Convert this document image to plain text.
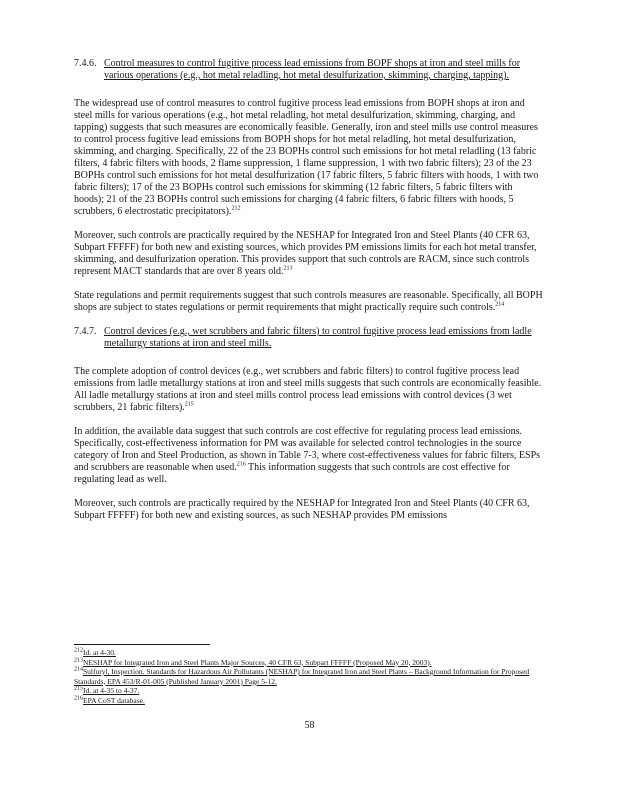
7.4.6. Control measures to control fugitive process lead emissions from BOPF shops at iron and steel mills for various operations (e.g., hot metal reladling, hot metal desulfurization, skimming, charging, tapping).

The widespread use of control measures to control fugitive process lead emissions from BOPH shops at iron and steel mills for various operations (e.g., hot metal reladling, hot metal desulfurization, skimming, charging, and tapping) suggests that such measures are economically feasible. Generally, iron and steel mills use control measures to control process fugitive lead emissions from BOPH shops for hot metal reladling, hot metal desulfurization, skimming, and charging. Specifically, 22 of the 23 BOPHs control such emissions for hot metal reladling (13 fabric filters, 4 fabric filters with hoods, 2 flame suppression, 1 flame suppression, 1 with two fabric filters); 23 of the 23 BOPHs control such emissions for hot metal desulfurization (17 fabric filters, 5 fabric filters with hoods, 1 with two fabric filters); 17 of the 23 BOPHs control such emissions for skimming (12 fabric filters, 5 fabric filters with hoods); 21 of the 23 BOPHs control such emissions for charging (4 fabric filters, 6 fabric filters with hoods, 5 scrubbers, 6 electrostatic precipitators).$^{212}$

Moreover, such controls are practically required by the NESHAP for Integrated Iron and Steel Plants (40 CFR 63, Subpart FFFFF) for both new and existing sources, which provides PM emissions limits for each hot metal transfer, skimming, and desulfurization operation. This provides support that such controls are RACM, since such controls represent MACT standards that are over 8 years old.$^{213}$

State regulations and permit requirements suggest that such controls measures are reasonable. Specifically, all BOPH shops are subject to states regulations or permit requirements that might practically require such controls.$^{214}$

7.4.7. Control devices (e.g., wet scrubbers and fabric filters) to control fugitive process lead emissions from ladle metallurgy stations at iron and steel mills.

The complete adoption of control devices (e.g., wet scrubbers and fabric filters) to control fugitive process lead emissions from ladle metallurgy stations at iron and steel mills suggests that such controls are economically feasible. All ladle metallurgy stations at iron and steel mills control process lead emissions with control devices (3 wet scrubbers, 21 fabric filters).$^{215}$

In addition, the available data suggest that such controls are cost effective for regulating process lead emissions. Specifically, cost-effectiveness information for PM was available for selected control technologies in the source category of Iron and Steel Production, as shown in Table 7-3, where cost-effectiveness values for fabric filters, ESPs and scrubbers are reasonable when used.$^{216}$ This information suggests that such controls are cost effective for regulating lead as well.

Moreover, such controls are practically required by the NESHAP for Integrated Iron and Steel Plants (40 CFR 63, Subpart FFFFF) for both new and existing sources, as such NESHAP provides PM emissions

$^{212}$Id. at 4-30.

$^{213}$NESHAP for Integrated Iron and Steel Plants Major Sources, 40 CFR 63, Subpart FFFFF (Proposed May 20, 2003).

$^{214}$Sulfuryl, Inspection. Standards for Hazardous Air Pollutants (NESHAP) for Integrated Iron and Steel Plants – Background Information for Proposed Standards, EPA 453/R-01-005 (Published January 2001) Page 5-12.

$^{215}$Id. at 4-35 to 4-37.

$^{216}$EPA CoST database.

58
